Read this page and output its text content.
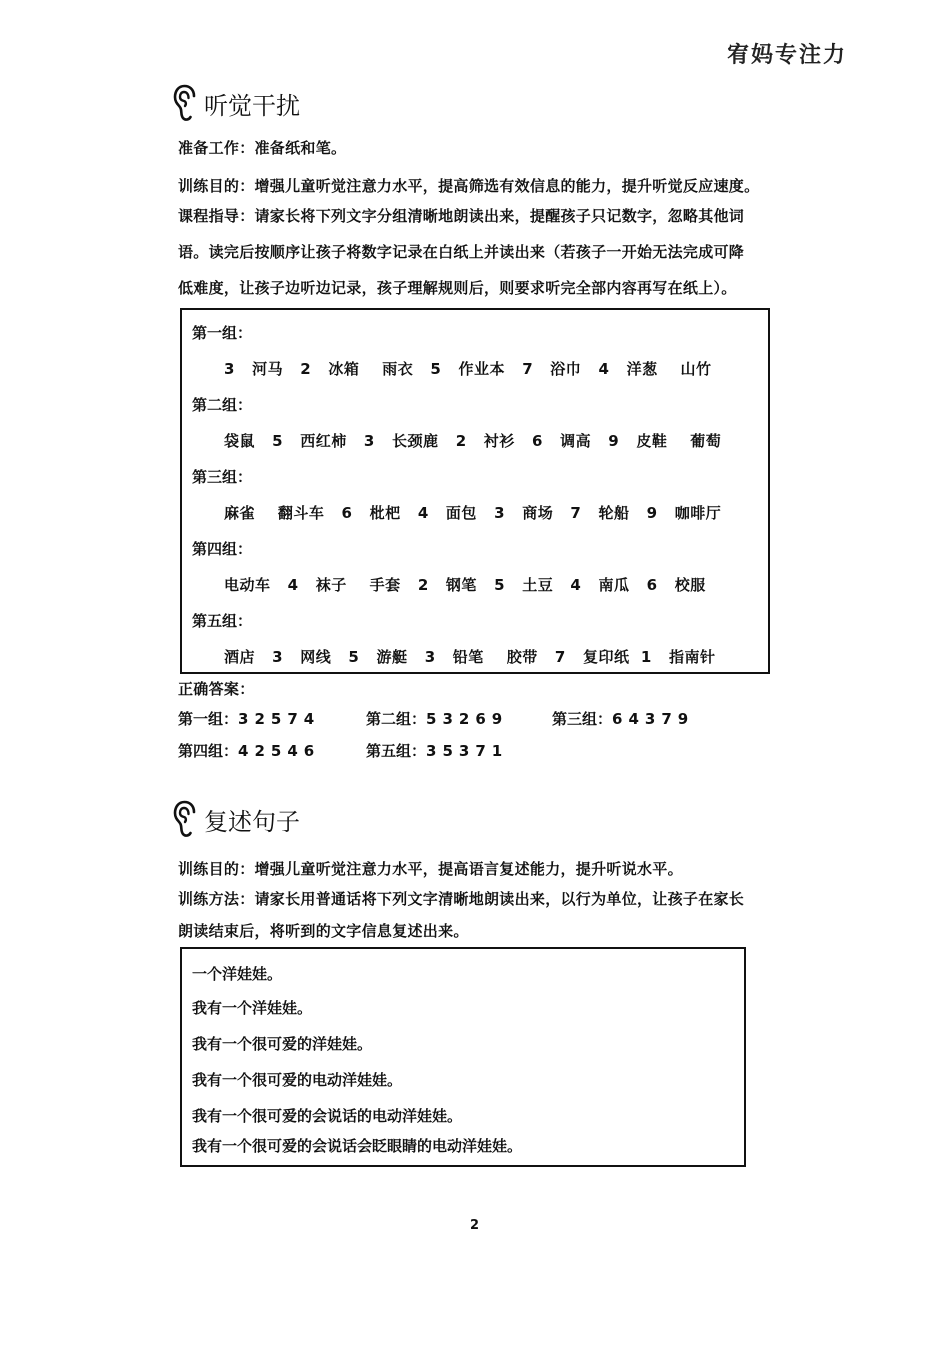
宥妈专注力
听觉干扰
准备工作：准备纸和笔。
训练目的：增强儿童听觉注意力水平，提高筛选有效信息的能力，提升听觉反应速度。
课程指导：请家长将下列文字分组清晰地朗读出来，提醒孩子只记数字，忽略其他词
语。读完后按顺序让孩子将数字记录在白纸上并读出来（若孩子一开始无法完成可降
低难度，让孩子边听边记录，孩子理解规则后，则要求听完全部内容再写在纸上）。
第一组：
3   河马   2   冰箱    雨衣   5   作业本   7   浴巾   4   洋葱    山竹
第二组：
袋鼠   5   西红柿   3   长颈鹿   2   衬衫   6   调高   9   皮鞋    葡萄
第三组：
麻雀    翻斗车   6   枇杷   4   面包   3   商场   7   轮船   9   咖啡厅
第四组：
电动车   4   袜子    手套   2   钢笔   5   土豆   4   南瓜   6   校服
第五组：
酒店   3   网线   5   游艇   3   铅笔    胶带   7   复印纸  1   指南针
正确答案：
第一组：32574	第二组：53269	第三组：64379
第四组：42546	第五组：35371
复述句子
训练目的：增强儿童听觉注意力水平，提高语言复述能力，提升听说水平。
训练方法：请家长用普通话将下列文字清晰地朗读出来，以行为单位，让孩子在家长
朗读结束后，将听到的文字信息复述出来。
一个洋娃娃。
我有一个洋娃娃。
我有一个很可爱的洋娃娃。
我有一个很可爱的电动洋娃娃。
我有一个很可爱的会说话的电动洋娃娃。
我有一个很可爱的会说话会眨眼睛的电动洋娃娃。
2
